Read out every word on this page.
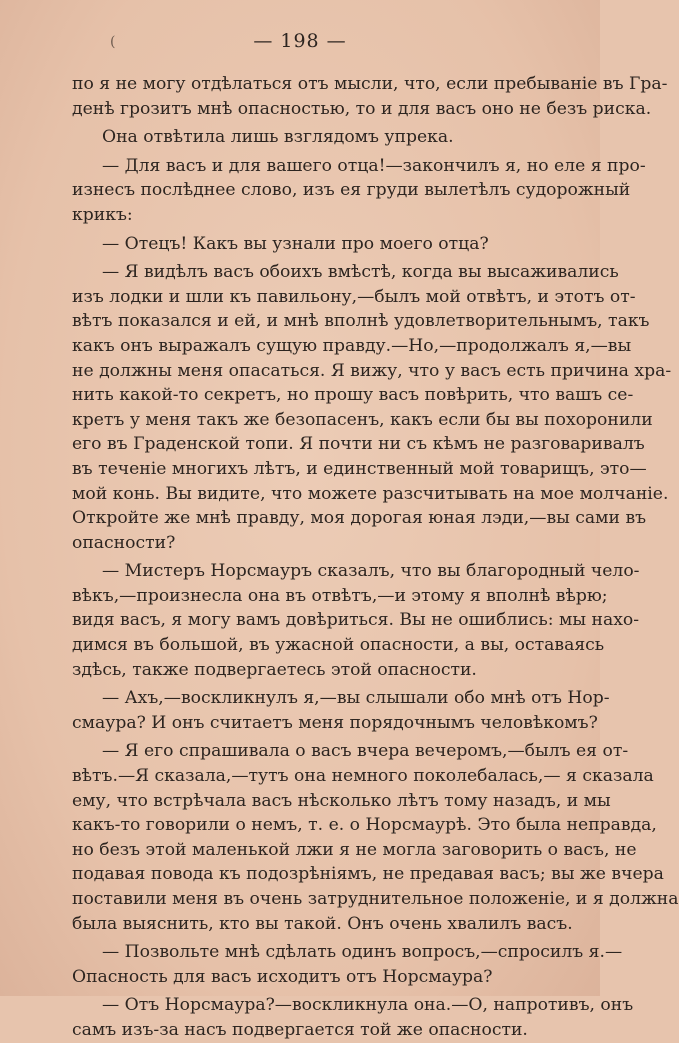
(	— 198 —
по я не могу отдѣлаться отъ мысли, что, если пребываніе въ Гра-
денѣ грозитъ мнѣ опасностью, то и для васъ оно не безъ риска.
Она отвѣтила лишь взглядомъ упрека.
— Для васъ и для вашего отца!—закончилъ я, но еле я про-
изнесъ послѣднее слово, изъ ея груди вылетѣлъ судорожный
крикъ:
— Отецъ! Какъ вы узнали про моего отца?
— Я видѣлъ васъ обоихъ вмѣстѣ, когда вы высаживались
изъ лодки и шли къ павильону,—былъ мой отвѣтъ, и этотъ от-
вѣтъ показался и ей, и мнѣ вполнѣ удовлетворительнымъ, такъ
какъ онъ выражалъ сущую правду.—Но,—продолжалъ я,—вы
не должны меня опасаться. Я вижу, что у васъ есть причина хра-
нить какой-то секретъ, но прошу васъ повѣрить, что вашъ се-
кретъ у меня такъ же безопасенъ, какъ если бы вы похоронили
его въ Граденской топи. Я почти ни съ кѣмъ не разговаривалъ
въ теченіе многихъ лѣтъ, и единственный мой товарищъ, это—
мой конь. Вы видите, что можете разсчитывать на мое молчаніе.
Откройте же мнѣ правду, моя дорогая юная лэди,—вы сами въ
опасности?
— Мистеръ Норсмауръ сказалъ, что вы благородный чело-
вѣкъ,—произнесла она въ отвѣтъ,—и этому я вполнѣ вѣрю;
видя васъ, я могу вамъ довѣриться. Вы не ошиблись: мы нахо-
димся въ большой, въ ужасной опасности, а вы, оставаясь
здѣсь, также подвергаетесь этой опасности.
— Ахъ,—воскликнулъ я,—вы слышали обо мнѣ отъ Нор-
смаура? И онъ считаетъ меня порядочнымъ человѣкомъ?
— Я его спрашивала о васъ вчера вечеромъ,—былъ ея от-
вѣтъ.—Я сказала,—тутъ она немного поколебалась,— я сказала
ему, что встрѣчала васъ нѣсколько лѣтъ тому назадъ, и мы
какъ-то говорили о немъ, т. е. о Норсмаурѣ. Это была неправда,
но безъ этой маленькой лжи я не могла заговорить о васъ, не
подавая повода къ подозрѣніямъ, не предавая васъ; вы же вчера
поставили меня въ очень затруднительное положеніе, и я должна
была выяснить, кто вы такой. Онъ очень хвалилъ васъ.
— Позвольте мнѣ сдѣлать одинъ вопросъ,—спросилъ я.—
Опасность для васъ исходитъ отъ Норсмаура?
— Отъ Норсмаура?—воскликнула она.—О, напротивъ, онъ
самъ изъ-за насъ подвергается той же опасности.
